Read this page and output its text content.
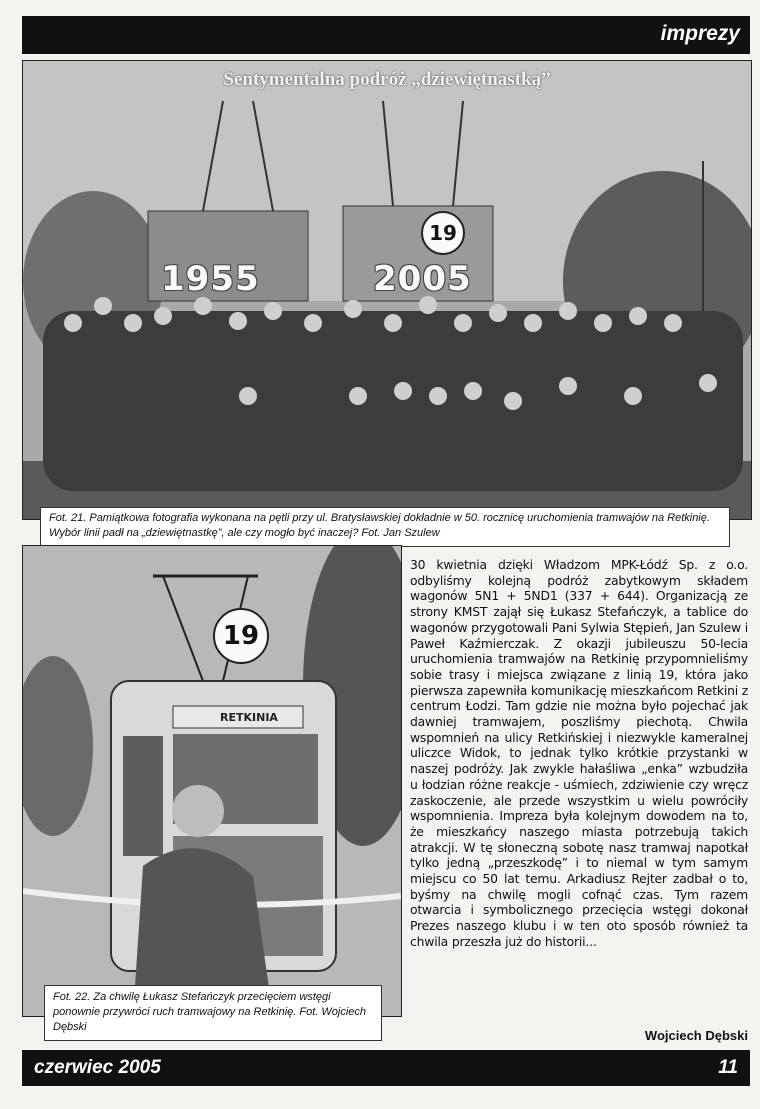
imprezy
Sentymentalna podróż „dziewiętnastką”
19
1955	2005
Fot. 21. Pamiątkowa fotografia wykonana na pętli przy ul. Bratysławskiej dokładnie w 50. rocznicę uruchomienia tramwajów na Retkinię. Wybór linii padł na „dziewiętnastkę”, ale czy mogło być inaczej? Fot. Jan Szulew
19
RETKINIA
Fot. 22. Za chwilę Łukasz Stefańczyk przecięciem wstęgi ponownie przywróci ruch tramwajowy na Retkinię. Fot. Wojciech Dębski
30 kwietnia dzięki Władzom MPK-Łódź Sp. z o.o. odbyliśmy kolejną podróż zabytkowym składem wagonów 5N1 + 5ND1 (337 + 644). Organizacją ze strony KMST zajął się Łukasz Stefańczyk, a tablice do wagonów przygotowali Pani Sylwia Stępień, Jan Szulew i Paweł Kaźmierczak. Z okazji jubileuszu 50-lecia uruchomienia tramwajów na Retkinię przypomnieliśmy sobie trasy i miejsca związane z linią 19, która jako pierwsza zapewniła komunikację mieszkańcom Retkini z centrum Łodzi. Tam gdzie nie można było pojechać jak dawniej tramwajem, poszliśmy piechotą. Chwila wspomnień na ulicy Retkińskiej i niezwykle kameralnej uliczce Widok, to jednak tylko krótkie przystanki w naszej podróży. Jak zwykle hałaśliwa „enka” wzbudziła u łodzian różne reakcje - uśmiech, zdziwienie czy wręcz zaskoczenie, ale przede wszystkim u wielu powróciły wspomnienia. Impreza była kolejnym dowodem na to, że mieszkańcy naszego miasta potrzebują takich atrakcji. W tę słoneczną sobotę nasz tramwaj napotkał tylko jedną „przeszkodę” i to niemal w tym samym miejscu co 50 lat temu. Arkadiusz Rejter zadbał o to, byśmy na chwilę mogli cofnąć czas. Tym razem otwarcia i symbolicznego przecięcia wstęgi dokonał Prezes naszego klubu i w ten oto sposób również ta chwila przeszła już do historii...
Wojciech Dębski
czerwiec 2005	11
